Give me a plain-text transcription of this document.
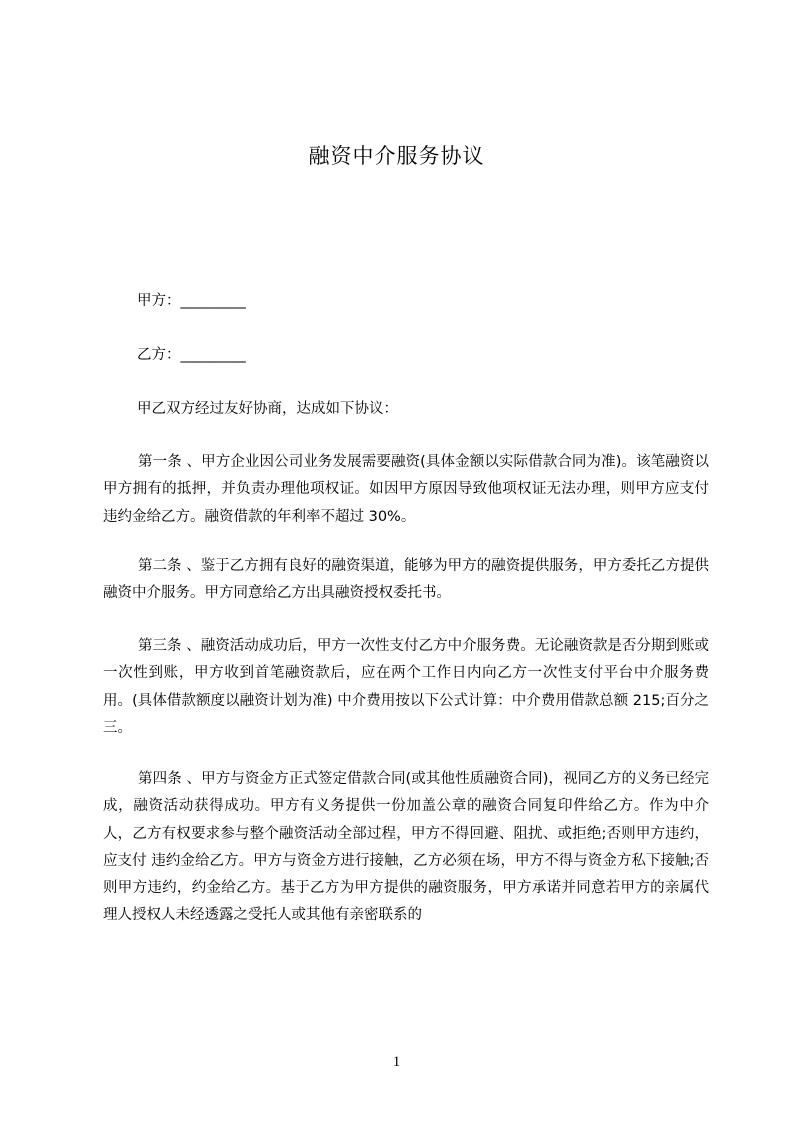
融资中介服务协议
甲方：_________
乙方：_________
甲乙双方经过友好协商，达成如下协议：
第一条 、甲方企业因公司业务发展需要融资(具体金额以实际借款合同为准)。该笔融资以甲方拥有的抵押，并负责办理他项权证。如因甲方原因导致他项权证无法办理，则甲方应支付违约金给乙方。融资借款的年利率不超过 30%。
第二条 、鉴于乙方拥有良好的融资渠道，能够为甲方的融资提供服务，甲方委托乙方提供融资中介服务。甲方同意给乙方出具融资授权委托书。
第三条 、融资活动成功后，甲方一次性支付乙方中介服务费。无论融资款是否分期到账或一次性到账，甲方收到首笔融资款后，应在两个工作日内向乙方一次性支付平台中介服务费用。(具体借款额度以融资计划为准) 中介费用按以下公式计算：中介费用借款总额 215;百分之三。
第四条 、甲方与资金方正式签定借款合同(或其他性质融资合同)，视同乙方的义务已经完成，融资活动获得成功。甲方有义务提供一份加盖公章的融资合同复印件给乙方。作为中介人，乙方有权要求参与整个融资活动全部过程，甲方不得回避、阻扰、或拒绝;否则甲方违约，应支付 违约金给乙方。甲方与资金方进行接触，乙方必须在场，甲方不得与资金方私下接触;否则甲方违约，约金给乙方。基于乙方为甲方提供的融资服务，甲方承诺并同意若甲方的亲属代理人授权人未经透露之受托人或其他有亲密联系的
1
